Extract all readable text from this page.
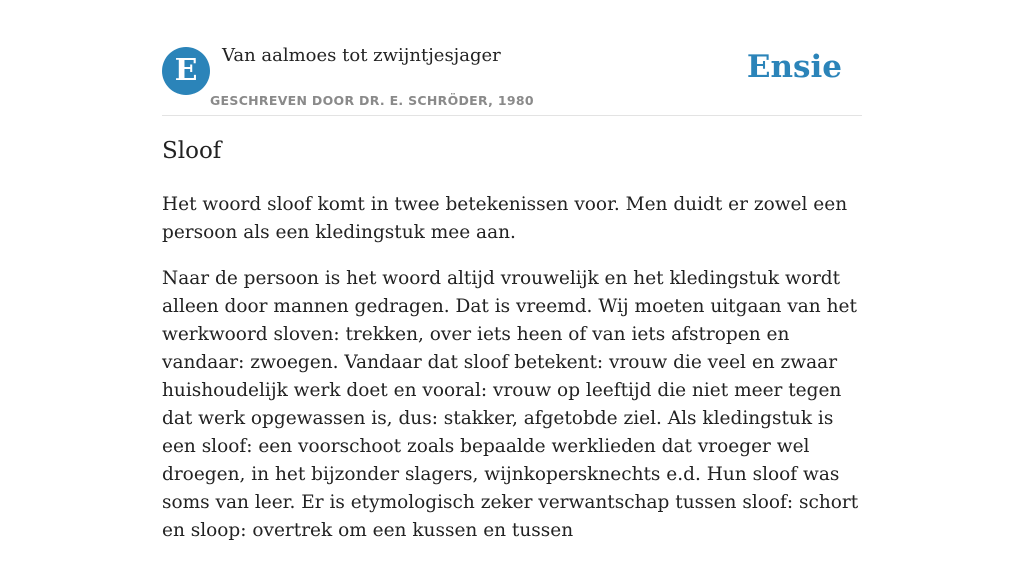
E	Van aalmoes tot zwijntjesjager
GESCHREVEN DOOR DR. E. SCHRÖDER, 1980
Ensie
Sloof

Het woord sloof komt in twee betekenissen voor. Men duidt er zowel een persoon als een kledingstuk mee aan.

Naar de persoon is het woord altijd vrouwelijk en het kledingstuk wordt alleen door mannen gedragen. Dat is vreemd. Wij moeten uitgaan van het werkwoord sloven: trekken, over iets heen of van iets afstropen en vandaar: zwoegen. Vandaar dat sloof betekent: vrouw die veel en zwaar huishoudelijk werk doet en vooral: vrouw op leeftijd die niet meer tegen dat werk opgewassen is, dus: stakker, afgetobde ziel. Als kledingstuk is een sloof: een voorschoot zoals bepaalde werklieden dat vroeger wel droegen, in het bijzonder slagers, wijnkopersknechts e.d. Hun sloof was soms van leer. Er is etymologisch zeker verwantschap tussen sloof: schort en sloop: overtrek om een kussen en tussen
